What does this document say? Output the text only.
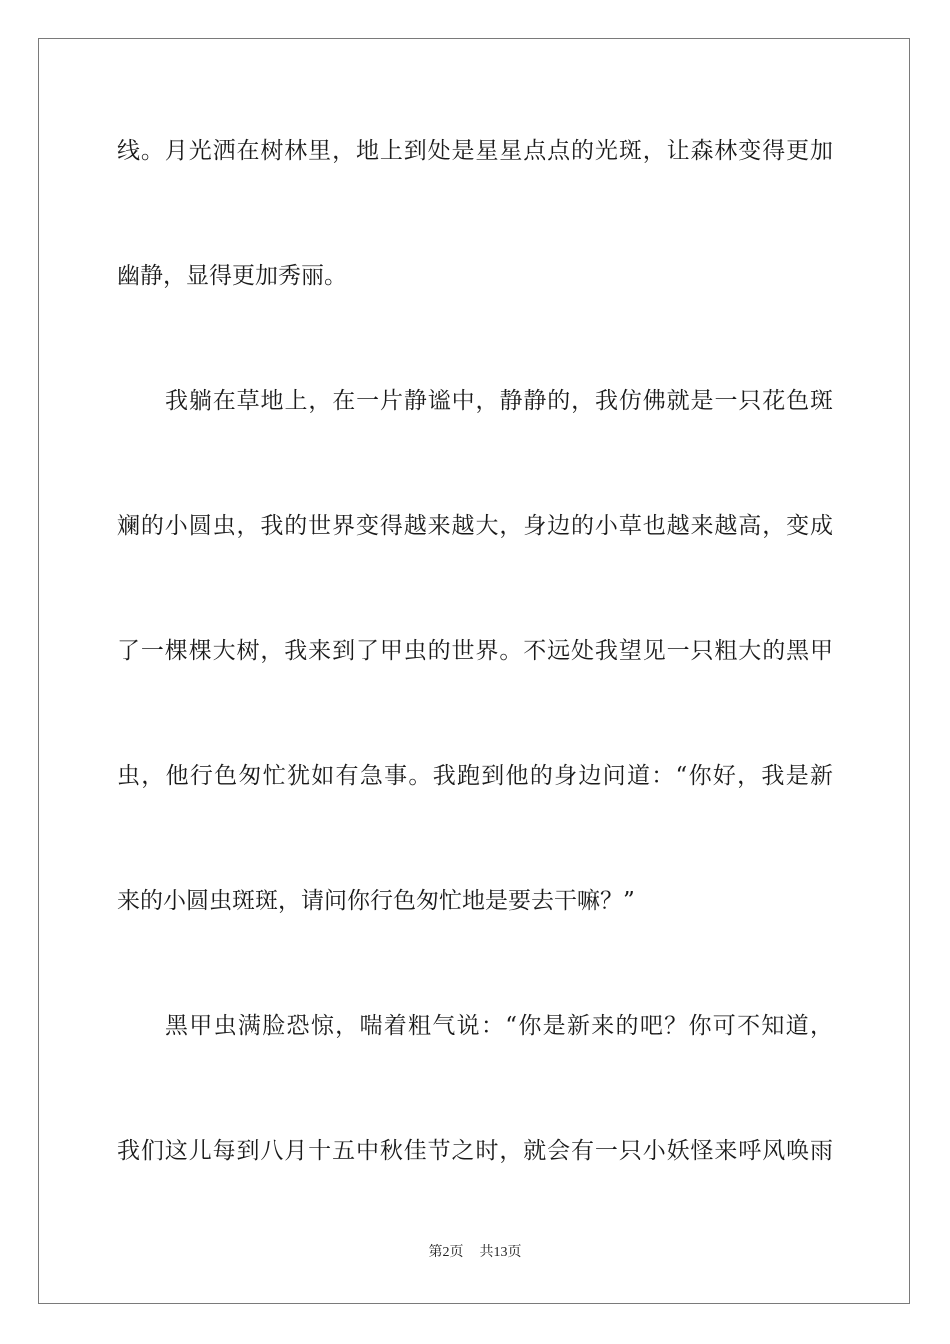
线。月光洒在树林里，地上到处是星星点点的光斑，让森林变得更加
幽静，显得更加秀丽。
我躺在草地上，在一片静谧中，静静的，我仿佛就是一只花色斑
斓的小圆虫，我的世界变得越来越大，身边的小草也越来越高，变成
了一棵棵大树，我来到了甲虫的世界。不远处我望见一只粗大的黑甲
虫，他行色匆忙犹如有急事。我跑到他的身边问道：“你好，我是新
来的小圆虫斑斑，请问你行色匆忙地是要去干嘛？”
黑甲虫满脸恐惊，喘着粗气说：“你是新来的吧？你可不知道，
我们这儿每到八月十五中秋佳节之时，就会有一只小妖怪来呼风唤雨
第2页 共13页
